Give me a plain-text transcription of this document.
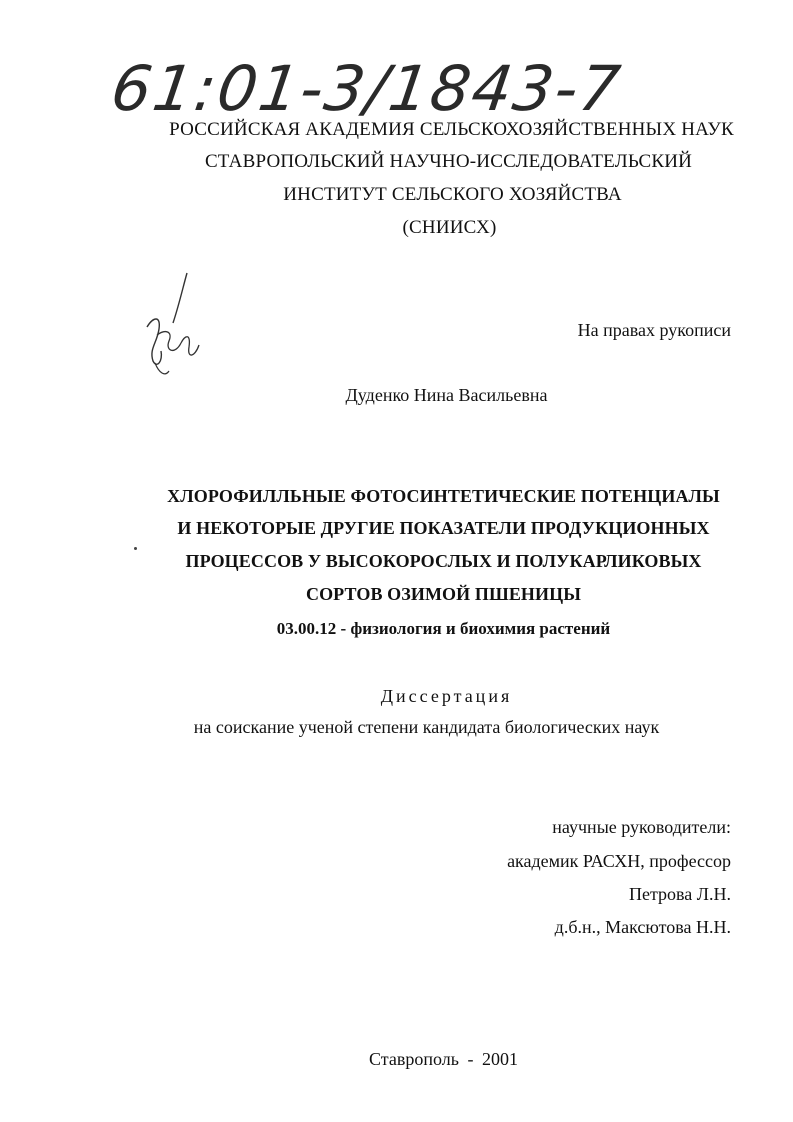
61:01-3/1843-7
РОССИЙСКАЯ АКАДЕМИЯ СЕЛЬСКОХОЗЯЙСТВЕННЫХ НАУК
СТАВРОПОЛЬСКИЙ НАУЧНО-ИССЛЕДОВАТЕЛЬСКИЙ
ИНСТИТУТ СЕЛЬСКОГО ХОЗЯЙСТВА
(СНИИСХ)
На правах рукописи
Дуденко Нина Васильевна
ХЛОРОФИЛЛЬНЫЕ ФОТОСИНТЕТИЧЕСКИЕ ПОТЕНЦИАЛЫ
И НЕКОТОРЫЕ ДРУГИЕ ПОКАЗАТЕЛИ ПРОДУКЦИОННЫХ
ПРОЦЕССОВ У ВЫСОКОРОСЛЫХ И ПОЛУКАРЛИКОВЫХ
СОРТОВ ОЗИМОЙ ПШЕНИЦЫ
03.00.12 - физиология и биохимия растений
Диссертация
на соискание ученой степени кандидата биологических наук
научные руководители:
академик РАСХН, профессор
Петрова Л.Н.
д.б.н., Максютова Н.Н.
Ставрополь - 2001
